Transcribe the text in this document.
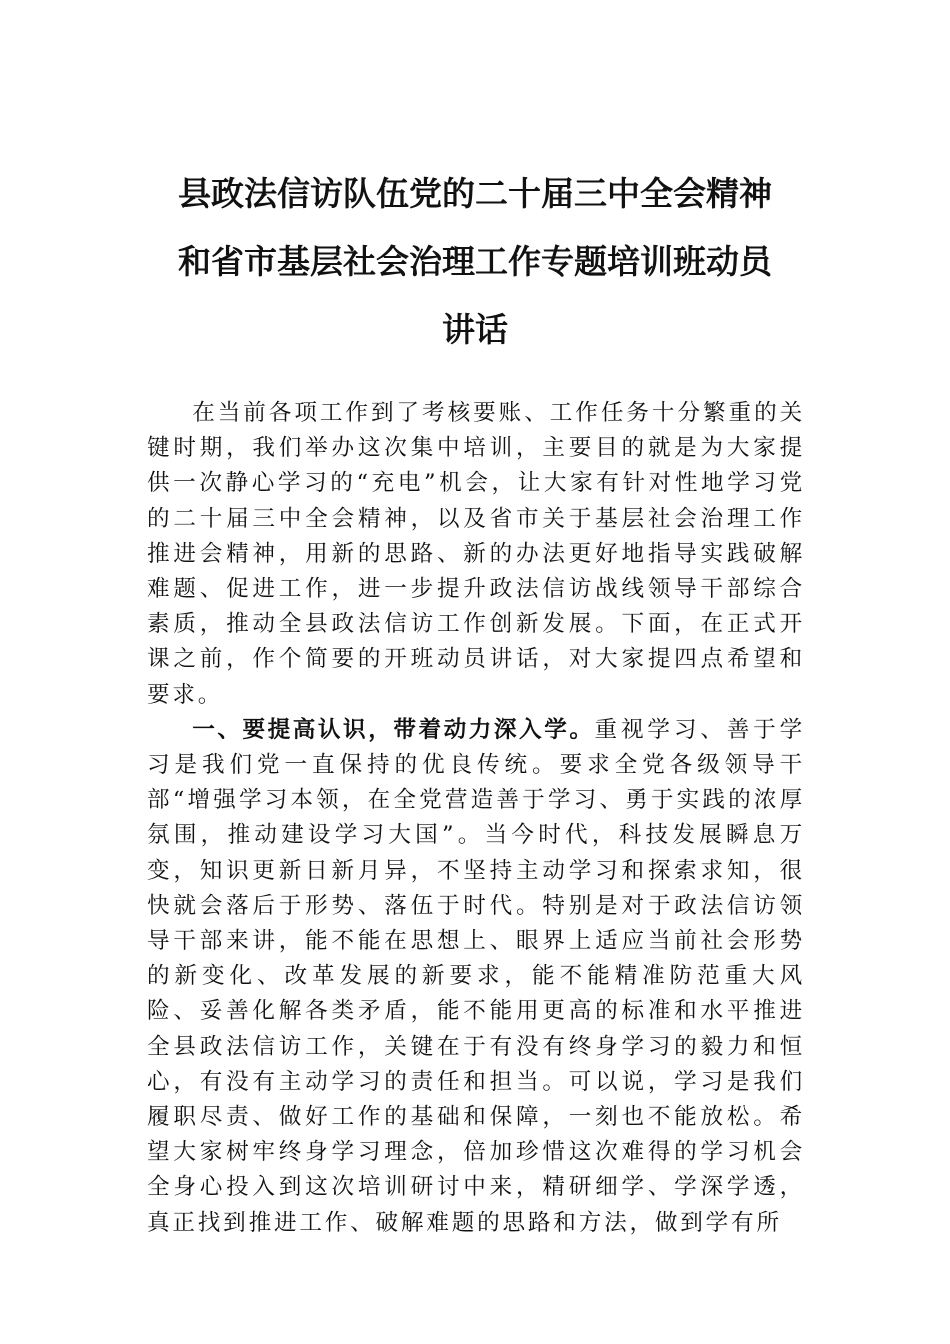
县政法信访队伍党的二十届三中全会精神
和省市基层社会治理工作专题培训班动员
讲话

在当前各项工作到了考核要账、工作任务十分繁重的关键时期，我们举办这次集中培训，主要目的就是为大家提供一次静心学习的“充电”机会，让大家有针对性地学习党的二十届三中全会精神，以及省市关于基层社会治理工作推进会精神，用新的思路、新的办法更好地指导实践破解难题、促进工作，进一步提升政法信访战线领导干部综合素质，推动全县政法信访工作创新发展。下面，在正式开课之前，作个简要的开班动员讲话，对大家提四点希望和要求。

一、要提高认识，带着动力深入学。重视学习、善于学习是我们党一直保持的优良传统。要求全党各级领导干部“增强学习本领，在全党营造善于学习、勇于实践的浓厚氛围，推动建设学习大国”。当今时代，科技发展瞬息万变，知识更新日新月异，不坚持主动学习和探索求知，很快就会落后于形势、落伍于时代。特别是对于政法信访领导干部来讲，能不能在思想上、眼界上适应当前社会形势的新变化、改革发展的新要求，能不能精准防范重大风险、妥善化解各类矛盾，能不能用更高的标准和水平推进全县政法信访工作，关键在于有没有终身学习的毅力和恒心，有没有主动学习的责任和担当。可以说，学习是我们履职尽责、做好工作的基础和保障，一刻也不能放松。希望大家树牢终身学习理念，倍加珍惜这次难得的学习机会全身心投入到这次培训研讨中来，精研细学、学深学透，真正找到推进工作、破解难题的思路和方法，做到学有所
